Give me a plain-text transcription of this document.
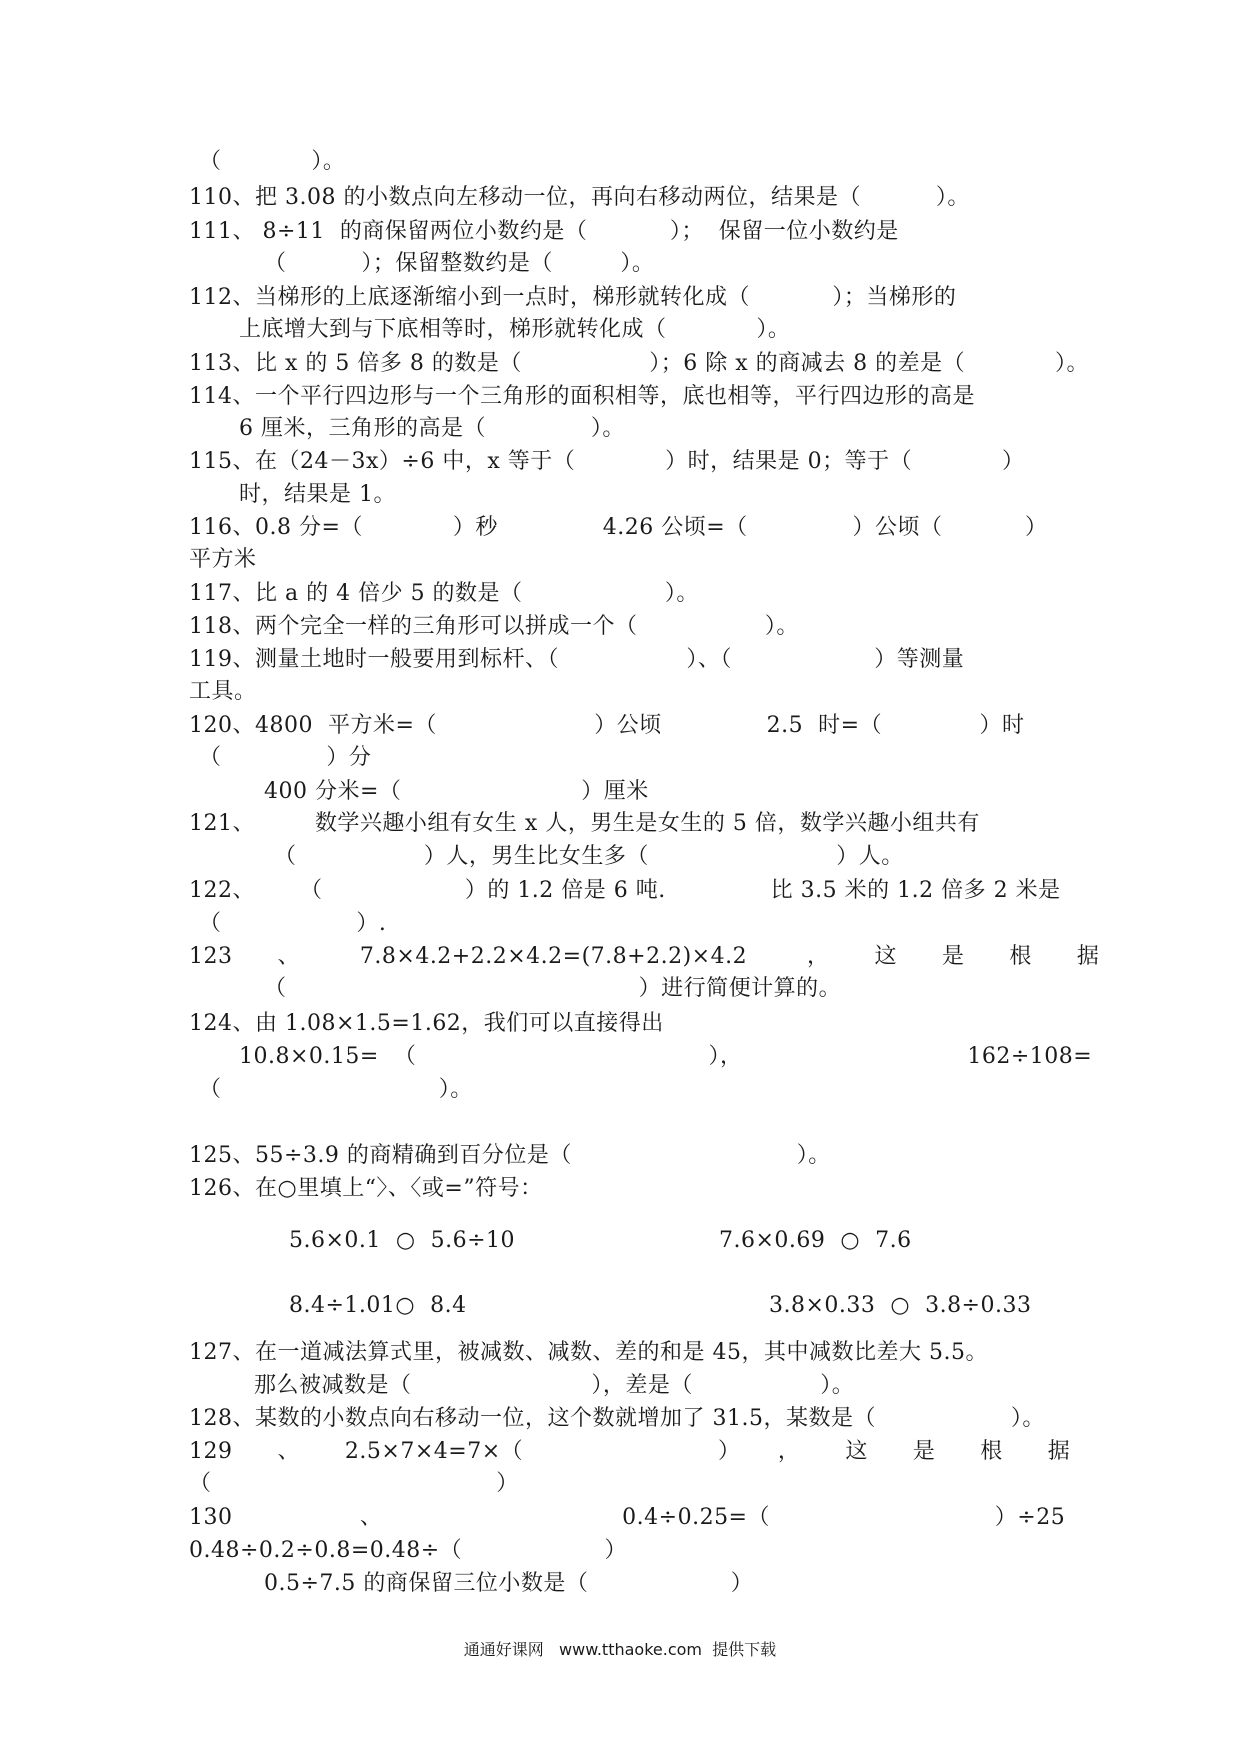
（            ）。
110、把 3.08 的小数点向左移动一位，再向右移动两位，结果是（          ）。
111、 8÷11  的商保留两位小数约是（           ）；  保留一位小数约是
（          ）；保留整数约是（         ）。
112、当梯形的上底逐渐缩小到一点时，梯形就转化成（           ）；当梯形的
上底增大到与下底相等时，梯形就转化成（            ）。
113、比 x 的 5 倍多 8 的数是（                 ）；6 除 x 的商减去 8 的差是（            ）。
114、一个平行四边形与一个三角形的面积相等，底也相等，平行四边形的高是
6 厘米，三角形的高是（              ）。
115、在（24－3x）÷6 中，x 等于（            ）时，结果是 0；等于（            ）
时，结果是 1。
116、0.8 分=（            ）秒              4.26 公顷=（              ）公顷（           ）
平方米
117、比 a 的 4 倍少 5 的数是（                   ）。
118、两个完全一样的三角形可以拼成一个（                 ）。
119、测量土地时一般要用到标杆、（                 ）、（                   ）等测量
工具。
120、4800  平方米=（                     ）公顷              2.5  时=（             ）时
（              ）分
400 分米=（                        ）厘米
121、        数学兴趣小组有女生 x 人，男生是女生的 5 倍，数学兴趣小组共有
（                 ）人，男生比女生多（                         ）人。
122、      （                   ）的 1.2 倍是 6 吨.              比 3.5 米的 1.2 倍多 2 米是
（                  ）.
123      、        7.8×4.2+2.2×4.2=(7.8+2.2)×4.2        ，      这      是      根      据
（                                               ）进行简便计算的。
124、由 1.08×1.5=1.62，我们可以直接得出
10.8×0.15=  （                                       ），                              162÷108=
（                             ）。
125、55÷3.9 的商精确到百分位是（                              ）。
126、在○里填上“〉、〈或=”符号：
5.6×0.1  ○  5.6÷10	7.6×0.69  ○  7.6
8.4÷1.01○  8.4	3.8×0.33  ○  3.8÷0.33
127、在一道减法算式里，被减数、减数、差的和是 45，其中减数比差大 5.5。
那么被减数是（                        ），差是（                 ）。
128、某数的小数点向右移动一位，这个数就增加了 31.5，某数是（                  ）。
129      、      2.5×7×4=7×（                          ）     ，      这      是      根      据
（                                      ）
130                 、                                0.4÷0.25=（                              ）÷25
0.48÷0.2÷0.8=0.48÷（                   ）
0.5÷7.5 的商保留三位小数是（                   ）
通通好课网   www.tthaoke.com  提供下载
